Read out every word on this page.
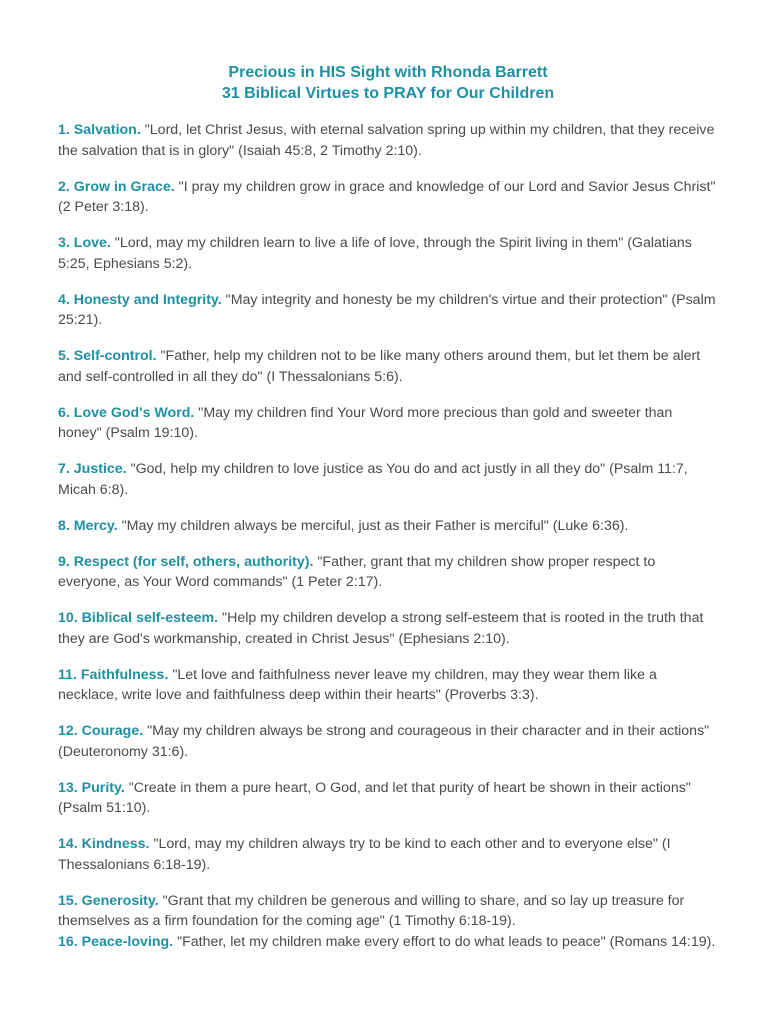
Precious in HIS Sight with Rhonda Barrett
31 Biblical Virtues to PRAY for Our Children
1. Salvation. "Lord, let Christ Jesus, with eternal salvation spring up within my children, that they receive the salvation that is in glory" (Isaiah 45:8, 2 Timothy 2:10).
2. Grow in Grace. "I pray my children grow in grace and knowledge of our Lord and Savior Jesus Christ" (2 Peter 3:18).
3. Love. "Lord, may my children learn to live a life of love, through the Spirit living in them" (Galatians 5:25, Ephesians 5:2).
4. Honesty and Integrity. "May integrity and honesty be my children's virtue and their protection" (Psalm 25:21).
5. Self-control. "Father, help my children not to be like many others around them, but let them be alert and self-controlled in all they do" (I Thessalonians 5:6).
6. Love God's Word. "May my children find Your Word more precious than gold and sweeter than honey" (Psalm 19:10).
7. Justice. "God, help my children to love justice as You do and act justly in all they do" (Psalm 11:7, Micah 6:8).
8. Mercy. "May my children always be merciful, just as their Father is merciful" (Luke 6:36).
9. Respect (for self, others, authority). "Father, grant that my children show proper respect to everyone, as Your Word commands" (1 Peter 2:17).
10. Biblical self-esteem. "Help my children develop a strong self-esteem that is rooted in the truth that they are God's workmanship, created in Christ Jesus" (Ephesians 2:10).
11. Faithfulness. "Let love and faithfulness never leave my children, may they wear them like a necklace, write love and faithfulness deep within their hearts" (Proverbs 3:3).
12. Courage. "May my children always be strong and courageous in their character and in their actions" (Deuteronomy 31:6).
13. Purity. "Create in them a pure heart, O God, and let that purity of heart be shown in their actions" (Psalm 51:10).
14. Kindness. "Lord, may my children always try to be kind to each other and to everyone else" (I Thessalonians 6:18-19).
15. Generosity. "Grant that my children be generous and willing to share, and so lay up treasure for themselves as a firm foundation for the coming age" (1 Timothy 6:18-19).
16. Peace-loving. "Father, let my children make every effort to do what leads to peace" (Romans 14:19).
